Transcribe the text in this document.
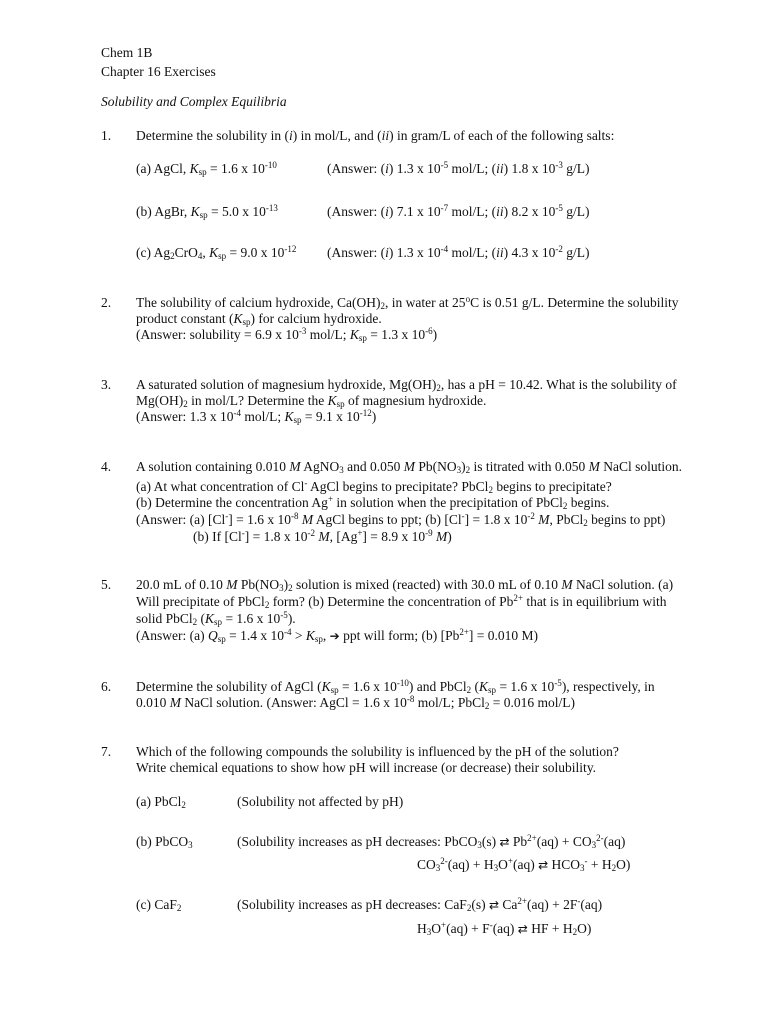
Chem 1B
Chapter 16 Exercises
Solubility and Complex Equilibria
1. Determine the solubility in (i) in mol/L, and (ii) in gram/L of each of the following salts:
(a) AgCl, $K_{sp} = 1.6$ x $10^{-10}$	(Answer: (i) 1.3 x $10^{-5}$ mol/L; (ii) 1.8 x $10^{-3}$ g/L)
(b) AgBr, $K_{sp} = 5.0$ x $10^{-13}$	(Answer: (i) 7.1 x $10^{-7}$ mol/L; (ii) 8.2 x $10^{-5}$ g/L)
(c) $Ag_2CrO_4$, $K_{sp} = 9.0$ x $10^{-12}$ (Answer: (i) 1.3 x $10^{-4}$ mol/L; (ii) 4.3 x $10^{-2}$ g/L)
2. The solubility of calcium hydroxide, $Ca(OH)_2$, in water at 25$^o$C is 0.51 g/L. Determine the solubility
product constant $(K_{sp})$ for calcium hydroxide.
(Answer: solubility = 6.9 x $10^{-3}$ mol/L; $K_{sp} = 1.3$ x $10^{-6}$)
3. A saturated solution of magnesium hydroxide, $Mg(OH)_2$, has a pH = 10.42. What is the solubility of
$Mg(OH)_2$ in mol/L? Determine the $K_{sp}$ of magnesium hydroxide.
(Answer: 1.3 x $10^{-4}$ mol/L; $K_{sp} = 9.1$ x $10^{-12}$)
4. A solution containing 0.010 M AgNO$_3$ and 0.050 M $Pb(NO_3)_2$ is titrated with 0.050 M NaCl solution.
(a) At what concentration of Cl- AgCl begins to precipitate? PbCl$_2$ begins to precipitate?
(b) Determine the concentration Ag+ in solution when the precipitation of PbCl$_2$ begins.
(Answer: (a) [Cl-] = 1.6 x $10^{-8}$ M AgCl begins to ppt; (b) [Cl-] = 1.8 x $10^{-2}$ M, PbCl$_2$ begins to ppt)
(b) If [Cl-] = 1.8 x $10^{-2}$ M, [Ag+] = 8.9 x $10^{-9}$ M)
5. 20.0 mL of 0.10 M $Pb(NO_3)_2$ solution is mixed (reacted) with 30.0 mL of 0.10 M NaCl solution. (a)
Will precipitate of PbCl$_2$ form? (b) Determine the concentration of $Pb^{2+}$ that is in equilibrium with
solid PbCl$_2$ ($K_{sp} = 1.6$ x $10^{-5}$).
(Answer: (a) $Q_{sp} = 1.4$ x $10^{-4} > K_{sp}$, ➔ ppt will form; (b) $[Pb^{2+}] = 0.010$ M)
6. Determine the solubility of AgCl ($K_{sp} = 1.6$ x $10^{-10}$) and PbCl$_2$ ($K_{sp} = 1.6$ x $10^{-5}$), respectively, in
0.010 M NaCl solution. (Answer: AgCl = 1.6 x $10^{-8}$ mol/L; PbCl$_2$ = 0.016 mol/L)
7. Which of the following compounds the solubility is influenced by the pH of the solution?
Write chemical equations to show how pH will increase (or decrease) their solubility.
(a) PbCl$_2$	(Solubility not affected by pH)
(b) PbCO$_3$	(Solubility increases as pH decreases: PbCO$_3$(s) ⇄ $Pb^{2+}(aq) + CO_3^{2-}(aq)$
$CO_3^{2-}(aq) + H_3O^+(aq)$ ⇄ $HCO_3^- + H_2O$)
(c) CaF$_2$	(Solubility increases as pH decreases: CaF$_2$(s) ⇄ $Ca^{2+}(aq) + 2F^-(aq)$
$H_3O^+(aq) + F^-(aq)$ ⇄ HF + $H_2O$)
